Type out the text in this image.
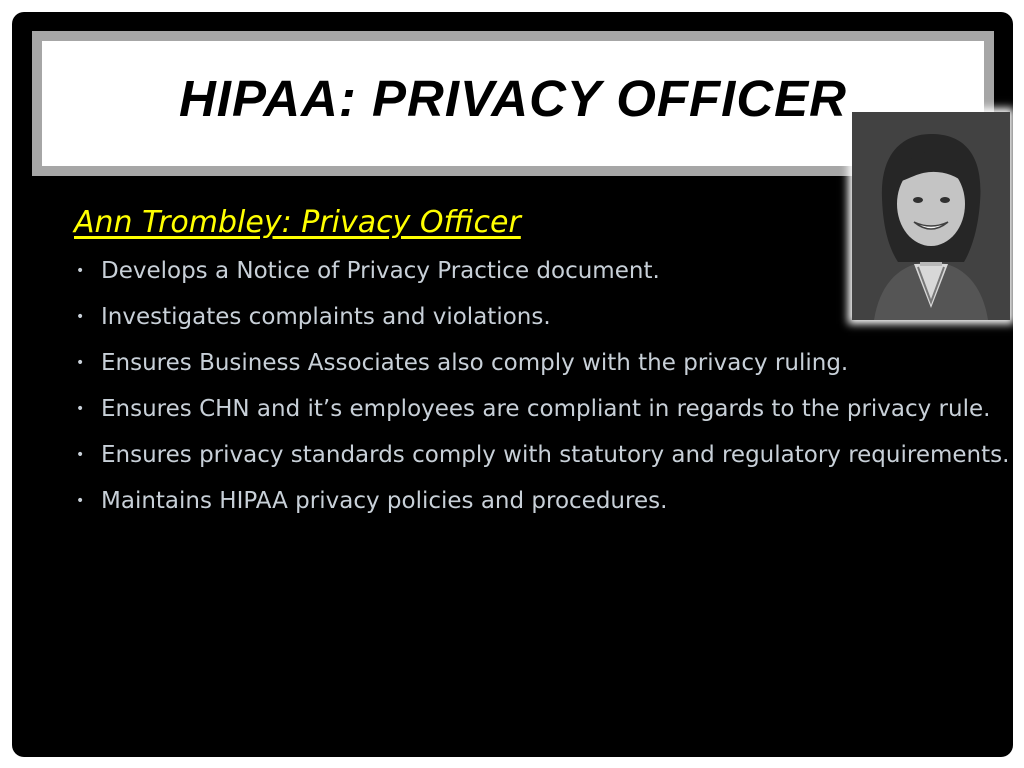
HIPAA: PRIVACY OFFICER
Ann Trombley: Privacy Officer
• Develops a Notice of Privacy Practice document.
• Investigates complaints and violations.
• Ensures Business Associates also comply with the privacy ruling.
• Ensures CHN and it’s employees are compliant in regards to the privacy rule.
• Ensures privacy standards comply with statutory and regulatory requirements.
• Maintains HIPAA privacy policies and procedures.
